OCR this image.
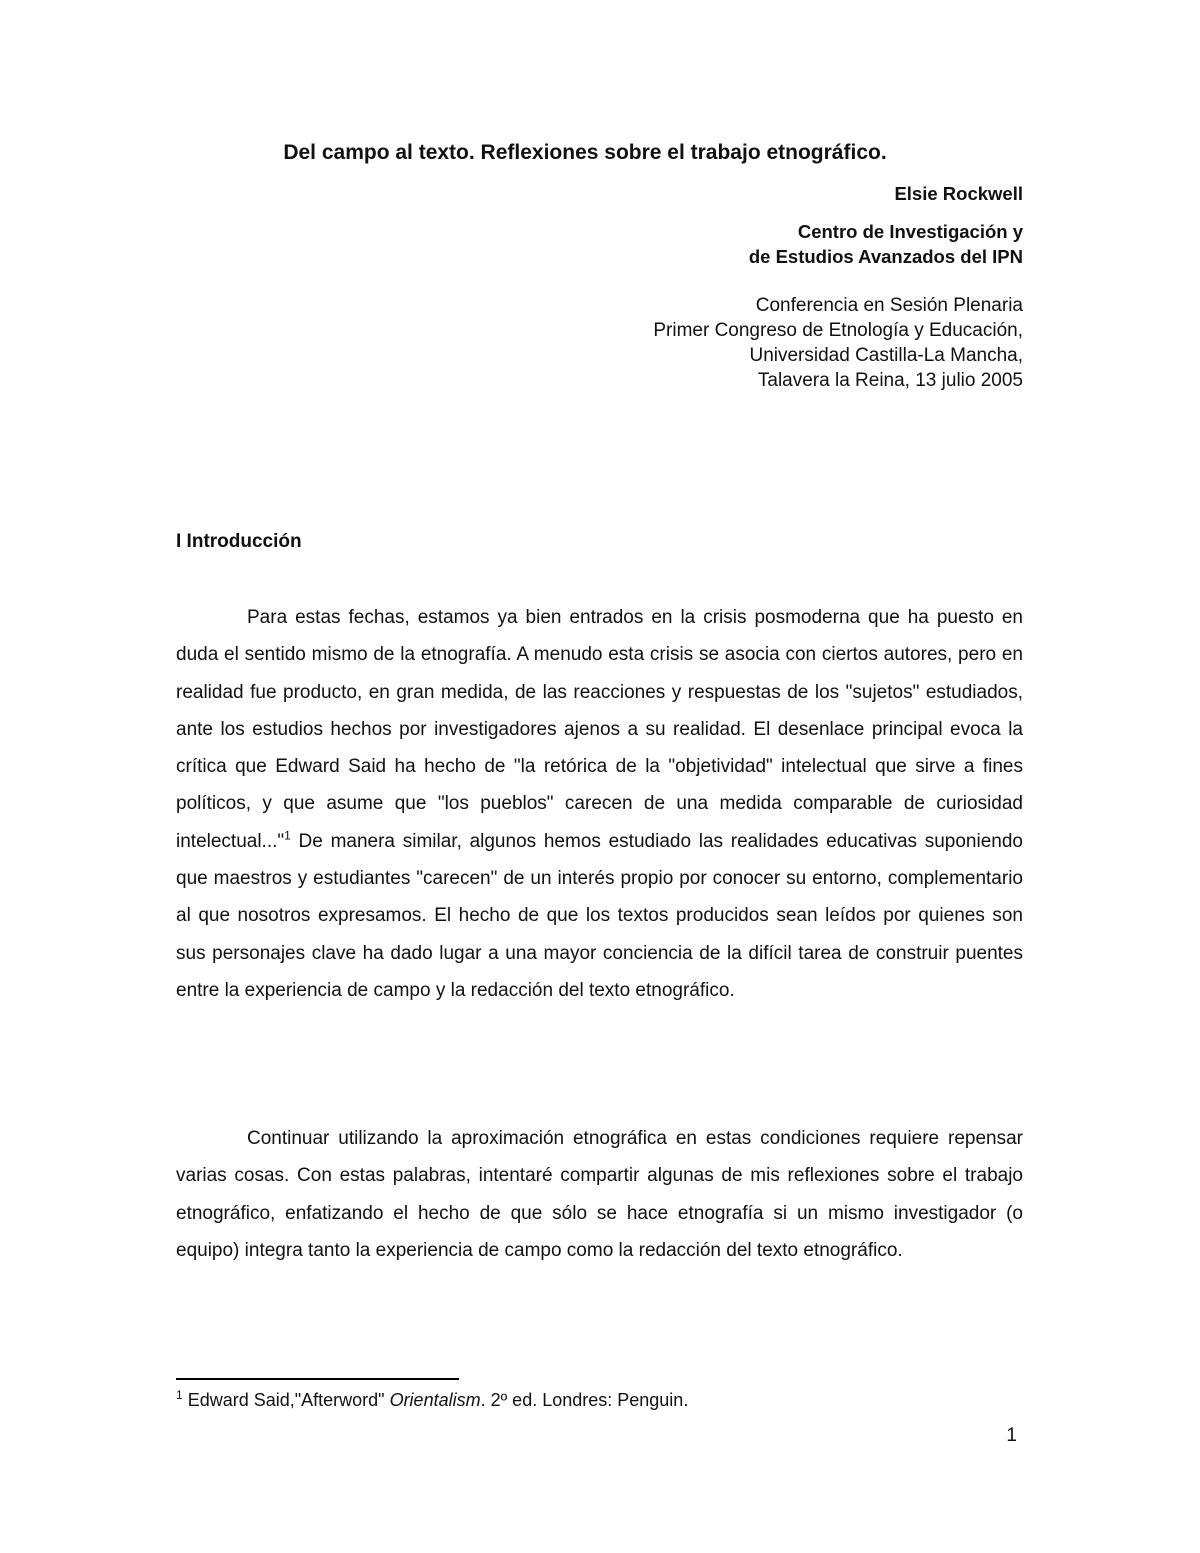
Del campo al texto. Reflexiones sobre el trabajo etnográfico.
Elsie Rockwell
Centro de Investigación y
de Estudios Avanzados del IPN
Conferencia en Sesión Plenaria
Primer Congreso de Etnología y Educación,
Universidad Castilla-La Mancha,
Talavera la Reina, 13 julio 2005
I Introducción

Para estas fechas, estamos ya bien entrados en la crisis posmoderna que ha puesto en duda el sentido mismo de la etnografía. A menudo esta crisis se asocia con ciertos autores, pero en realidad fue producto, en gran medida, de las reacciones y respuestas de los "sujetos" estudiados, ante los estudios hechos por investigadores ajenos a su realidad. El desenlace principal evoca la crítica que Edward Said ha hecho de "la retórica de la "objetividad" intelectual que sirve a fines políticos, y que asume que "los pueblos" carecen de una medida comparable de curiosidad intelectual..."$^1$ De manera similar, algunos hemos estudiado las realidades educativas suponiendo que maestros y estudiantes "carecen" de un interés propio por conocer su entorno, complementario al que nosotros expresamos. El hecho de que los textos producidos sean leídos por quienes son sus personajes clave ha dado lugar a una mayor conciencia de la difícil tarea de construir puentes entre la experiencia de campo y la redacción del texto etnográfico.

Continuar utilizando la aproximación etnográfica en estas condiciones requiere repensar varias cosas. Con estas palabras, intentaré compartir algunas de mis reflexiones sobre el trabajo etnográfico, enfatizando el hecho de que sólo se hace etnografía si un mismo investigador (o equipo) integra tanto la experiencia de campo como la redacción del texto etnográfico.

$^1$ Edward Said,"Afterword" Orientalism. 2º ed. Londres: Penguin.
1
